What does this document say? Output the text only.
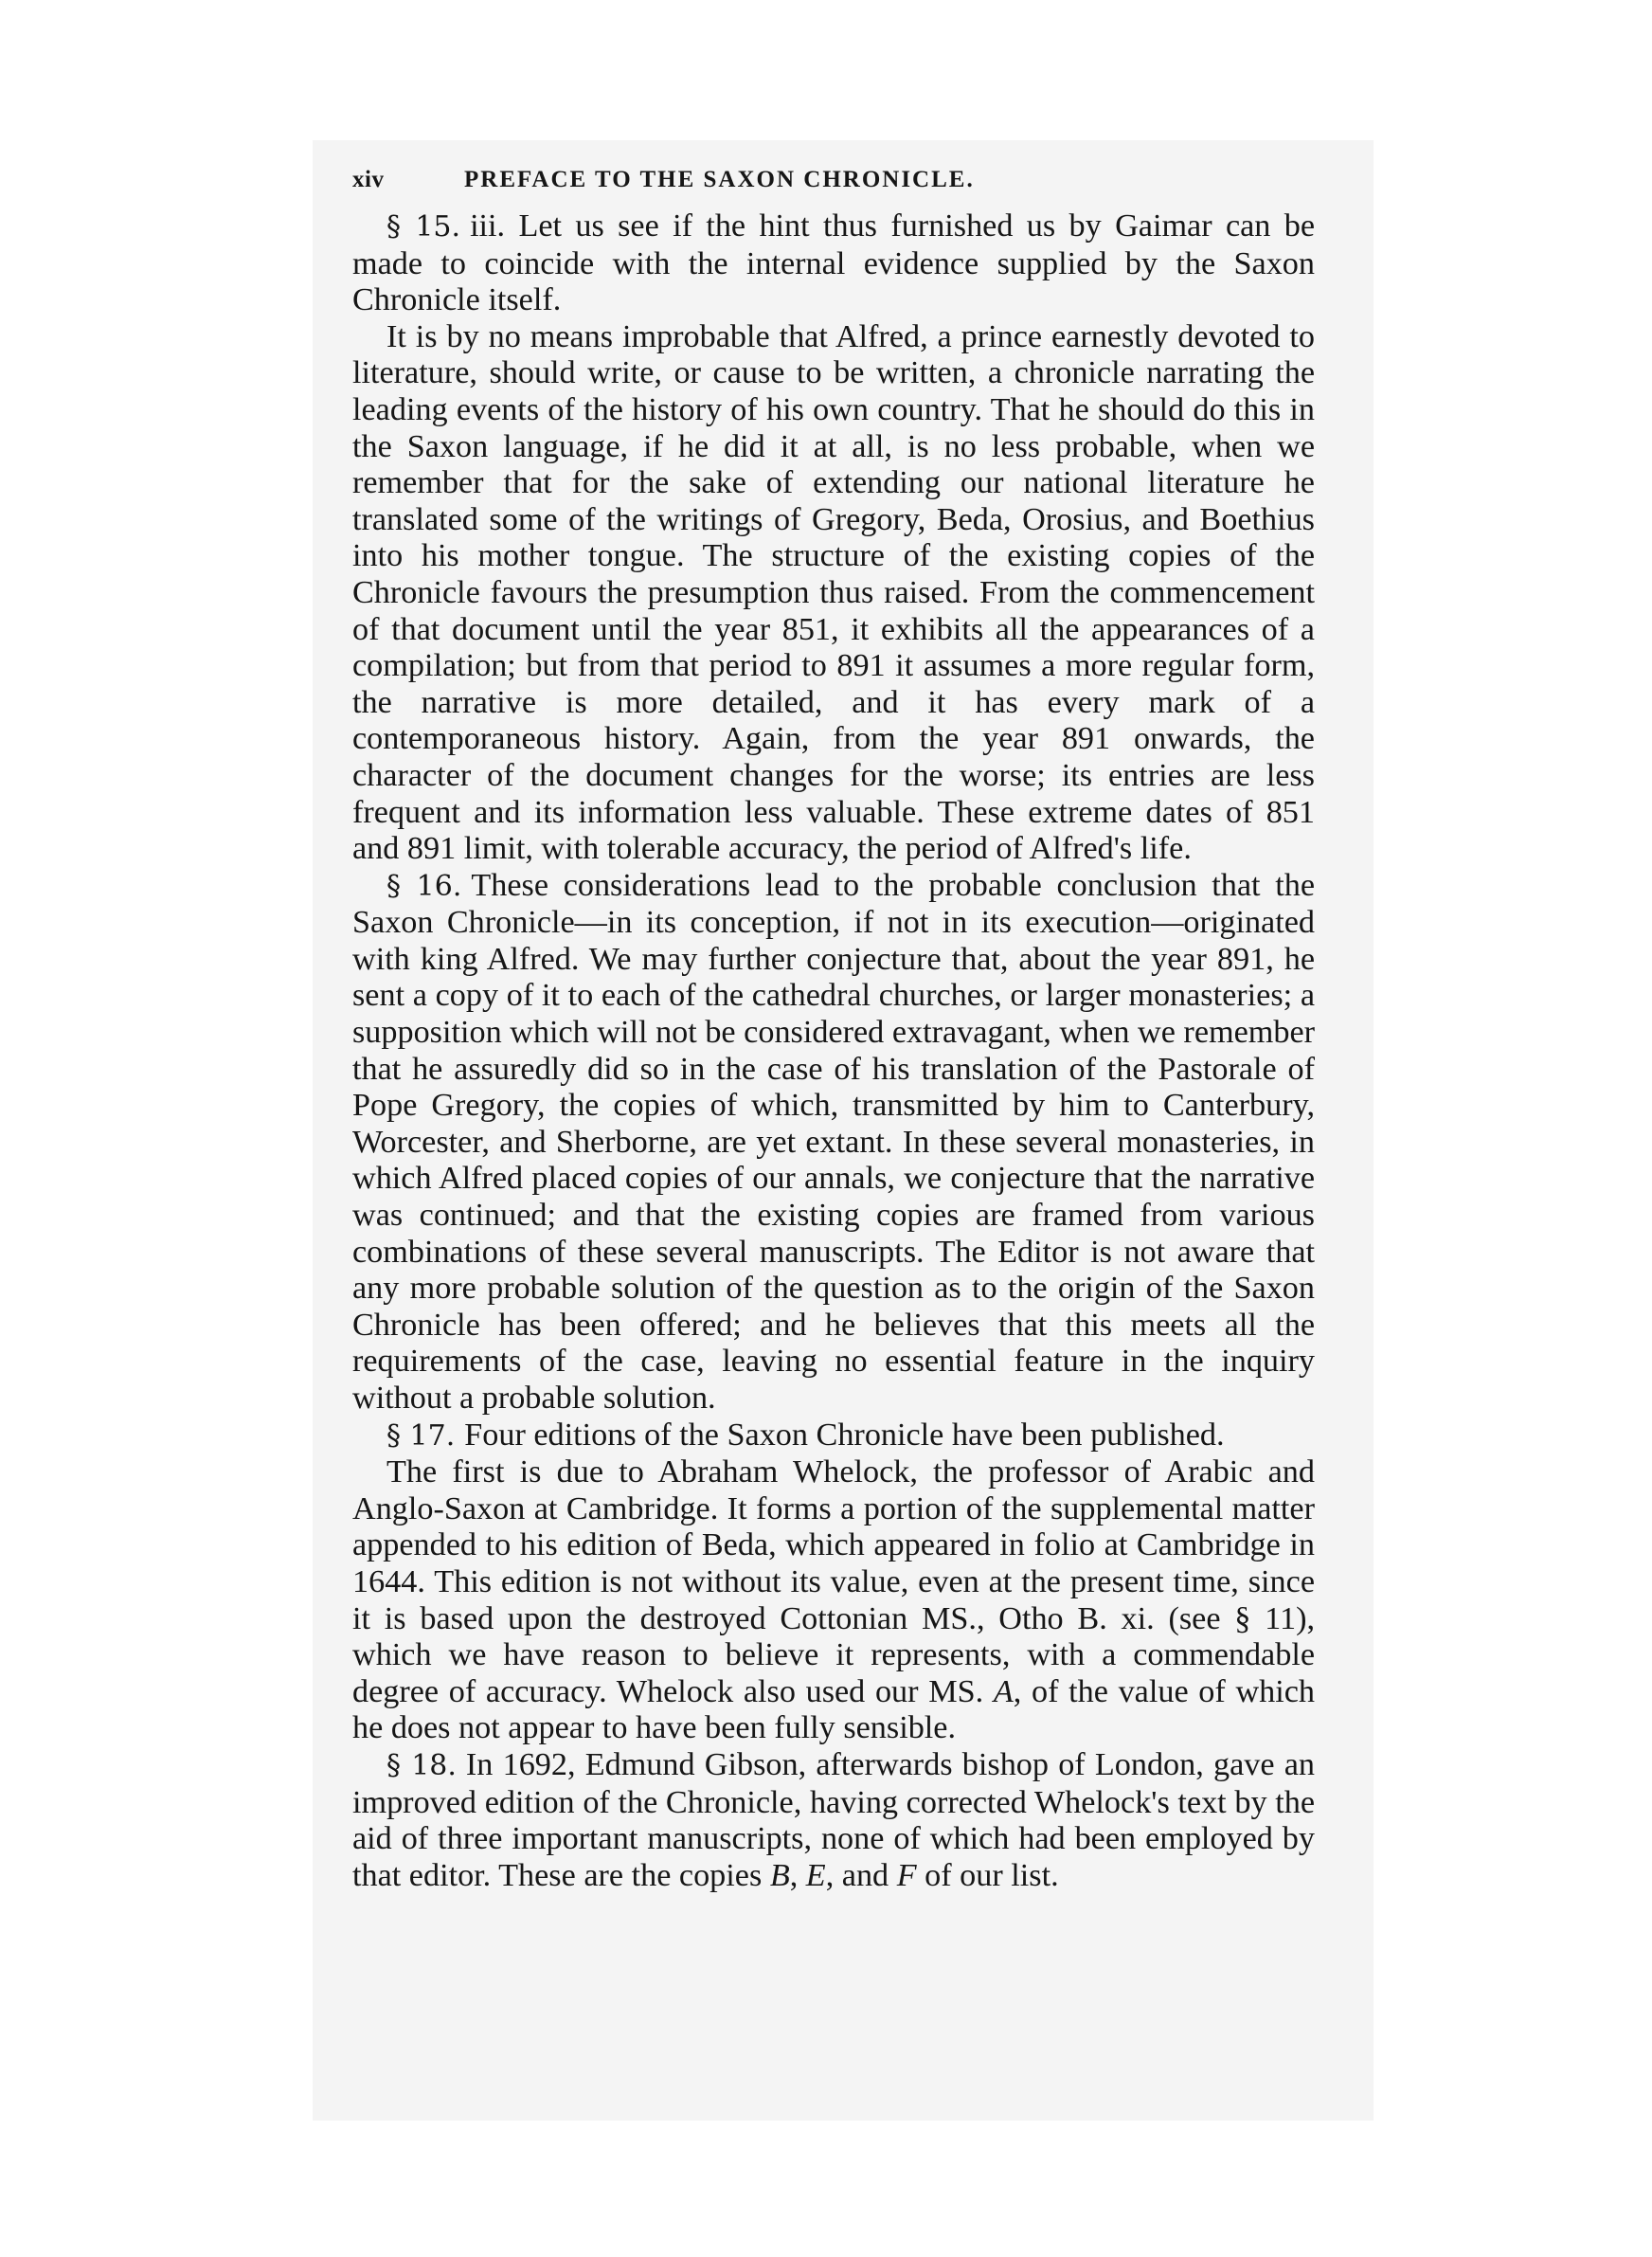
xiv	PREFACE TO THE SAXON CHRONICLE.

§ 15. iii. Let us see if the hint thus furnished us by Gaimar can be made to coincide with the internal evidence supplied by the Saxon Chronicle itself.

It is by no means improbable that Alfred, a prince earnestly devoted to literature, should write, or cause to be written, a chronicle narrating the leading events of the history of his own country. That he should do this in the Saxon language, if he did it at all, is no less probable, when we remember that for the sake of extending our national literature he translated some of the writings of Gregory, Beda, Orosius, and Boethius into his mother tongue. The structure of the existing copies of the Chronicle favours the presumption thus raised. From the commencement of that document until the year 851, it exhibits all the appearances of a compilation; but from that period to 891 it assumes a more regular form, the narrative is more detailed, and it has every mark of a contemporaneous history. Again, from the year 891 onwards, the character of the document changes for the worse; its entries are less frequent and its information less valuable. These extreme dates of 851 and 891 limit, with tolerable accuracy, the period of Alfred's life.

§ 16. These considerations lead to the probable conclusion that the Saxon Chronicle—in its conception, if not in its execution—originated with king Alfred. We may further conjecture that, about the year 891, he sent a copy of it to each of the cathedral churches, or larger monasteries; a supposition which will not be considered extravagant, when we remember that he assuredly did so in the case of his translation of the Pastorale of Pope Gregory, the copies of which, transmitted by him to Canterbury, Worcester, and Sherborne, are yet extant. In these several monasteries, in which Alfred placed copies of our annals, we conjecture that the narrative was continued; and that the existing copies are framed from various combinations of these several manuscripts. The Editor is not aware that any more probable solution of the question as to the origin of the Saxon Chronicle has been offered; and he believes that this meets all the requirements of the case, leaving no essential feature in the inquiry without a probable solution.

§ 17. Four editions of the Saxon Chronicle have been published.

The first is due to Abraham Whelock, the professor of Arabic and Anglo-Saxon at Cambridge. It forms a portion of the supplemental matter appended to his edition of Beda, which appeared in folio at Cambridge in 1644. This edition is not without its value, even at the present time, since it is based upon the destroyed Cottonian MS., Otho B. xi. (see § 11), which we have reason to believe it represents, with a commendable degree of accuracy. Whelock also used our MS. A, of the value of which he does not appear to have been fully sensible.

§ 18. In 1692, Edmund Gibson, afterwards bishop of London, gave an improved edition of the Chronicle, having corrected Whelock's text by the aid of three important manuscripts, none of which had been employed by that editor. These are the copies B, E, and F of our list.
